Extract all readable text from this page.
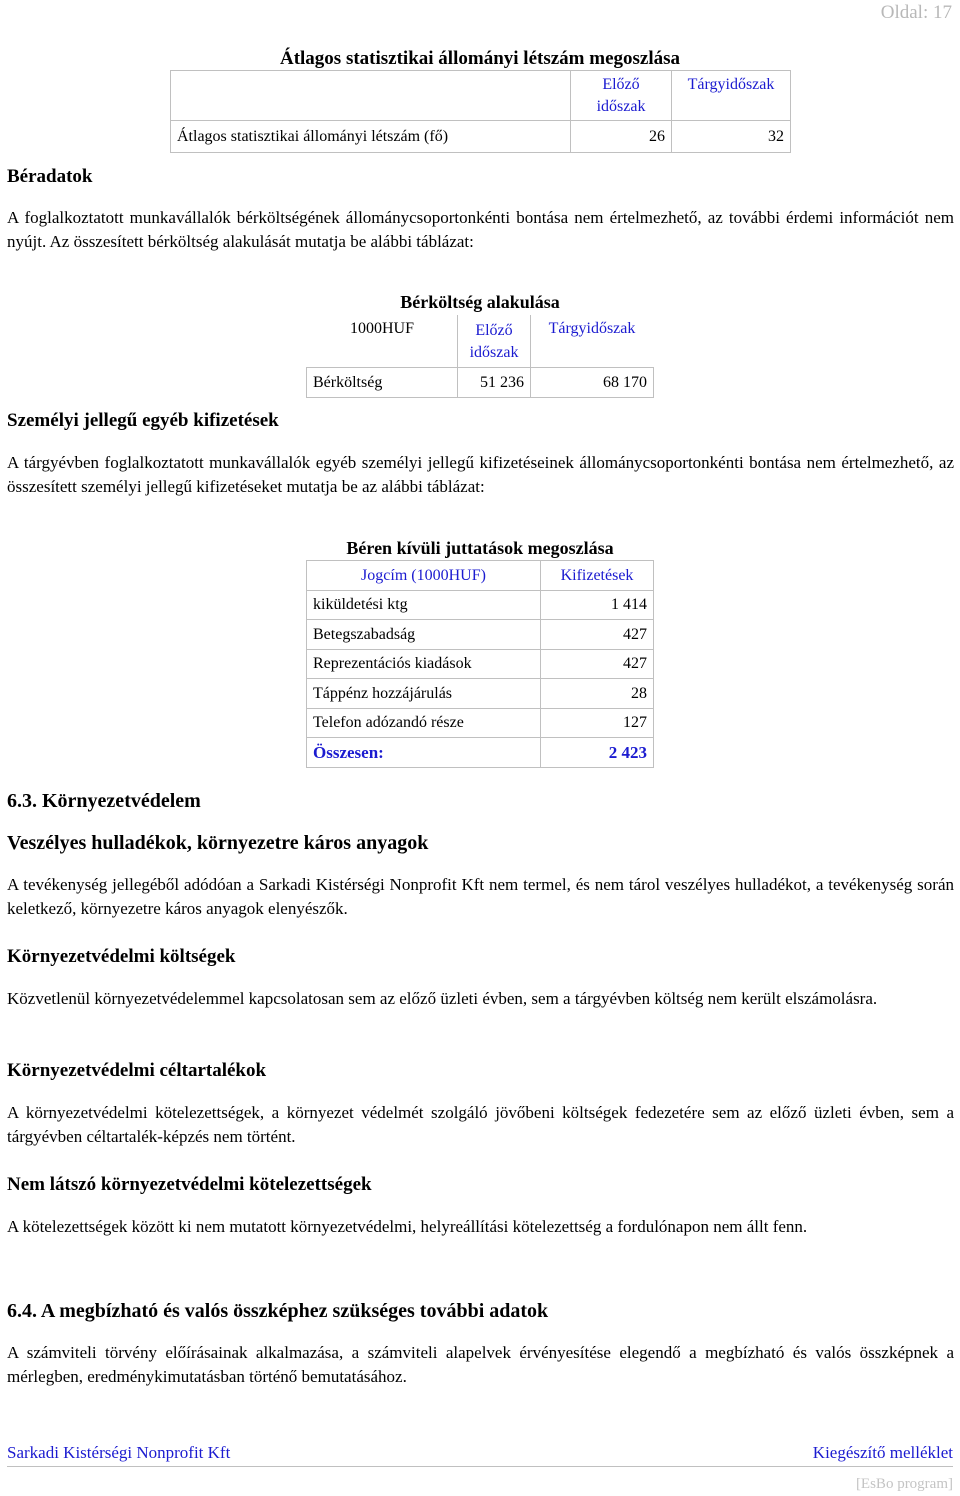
Oldal: 17
Átlagos statisztikai állományi létszám megoszlása
	Előző időszak	Tárgyidőszak
Átlagos statisztikai állományi létszám (fő)	26	32
Béradatok
A foglalkoztatott munkavállalók bérköltségének állománycsoportonkénti bontása nem értelmezhető, az további érdemi információt nem nyújt. Az összesített bérköltség alakulását mutatja be alábbi táblázat:
Bérköltség alakulása
1000HUF	Előző időszak	Tárgyidőszak
Bérköltség	51 236	68 170
Személyi jellegű egyéb kifizetések
A tárgyévben foglalkoztatott munkavállalók egyéb személyi jellegű kifizetéseinek állománycsoportonkénti bontása nem értelmezhető, az összesített személyi jellegű kifizetéseket mutatja be az alábbi táblázat:
Béren kívüli juttatások megoszlása
Jogcím (1000HUF)	Kifizetések
kiküldetési ktg	1 414
Betegszabadság	427
Reprezentációs kiadások	427
Táppénz hozzájárulás	28
Telefon adózandó része	127
Összesen:	2 423
6.3. Környezetvédelem
Veszélyes hulladékok, környezetre káros anyagok
A tevékenység jellegéből adódóan a Sarkadi Kistérségi Nonprofit Kft nem termel, és nem tárol veszélyes hulladékot, a tevékenység során keletkező, környezetre káros anyagok elenyészők.
Környezetvédelmi költségek
Közvetlenül környezetvédelemmel kapcsolatosan sem az előző üzleti évben, sem a tárgyévben költség nem került elszámolásra.
Környezetvédelmi céltartalékok
A környezetvédelmi kötelezettségek, a környezet védelmét szolgáló jövőbeni költségek fedezetére sem az előző üzleti évben, sem a tárgyévben céltartalék-képzés nem történt.
Nem látszó környezetvédelmi kötelezettségek
A kötelezettségek között ki nem mutatott környezetvédelmi, helyreállítási kötelezettség a fordulónapon nem állt fenn.
6.4. A megbízható és valós összképhez szükséges további adatok
A számviteli törvény előírásainak alkalmazása, a számviteli alapelvek érvényesítése elegendő a megbízható és valós összképnek a mérlegben, eredménykimutatásban történő bemutatásához.
Sarkadi Kistérségi Nonprofit Kft	Kiegészítő melléklet
[EsBo program]
